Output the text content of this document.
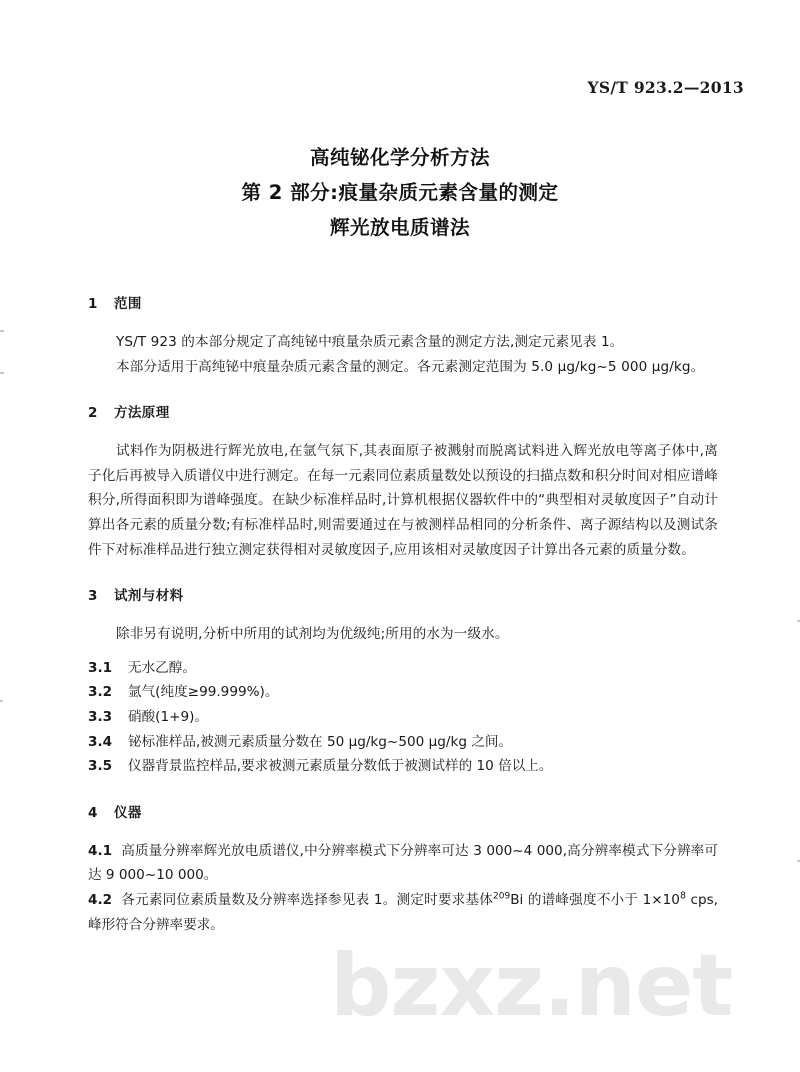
bzxz.net
YS/T 923.2—2013
高纯铋化学分析方法
第 2 部分:痕量杂质元素含量的测定
辉光放电质谱法
1 范围

YS/T 923 的本部分规定了高纯铋中痕量杂质元素含量的测定方法,测定元素见表 1。

本部分适用于高纯铋中痕量杂质元素含量的测定。各元素测定范围为 5.0 μg/kg~5 000 μg/kg。

2 方法原理

试料作为阴极进行辉光放电,在氩气氛下,其表面原子被溅射而脱离试料进入辉光放电等离子体中,离子化后再被导入质谱仪中进行测定。在每一元素同位素质量数处以预设的扫描点数和积分时间对相应谱峰积分,所得面积即为谱峰强度。在缺少标准样品时,计算机根据仪器软件中的“典型相对灵敏度因子”自动计算出各元素的质量分数;有标准样品时,则需要通过在与被测样品相同的分析条件、离子源结构以及测试条件下对标准样品进行独立测定获得相对灵敏度因子,应用该相对灵敏度因子计算出各元素的质量分数。

3 试剂与材料

除非另有说明,分析中所用的试剂均为优级纯;所用的水为一级水。

3.1 无水乙醇。

3.2 氩气(纯度≥99.999%)。

3.3 硝酸(1+9)。

3.4 铋标准样品,被测元素质量分数在 50 μg/kg~500 μg/kg 之间。

3.5 仪器背景监控样品,要求被测元素质量分数低于被测试样的 10 倍以上。

4 仪器

4.1 高质量分辨率辉光放电质谱仪,中分辨率模式下分辨率可达 3 000~4 000,高分辨率模式下分辨率可达 9 000~10 000。

4.2 各元素同位素质量数及分辨率选择参见表 1。测定时要求基体$^{209}$Bi 的谱峰强度不小于 $1\times 10^8$ cps,峰形符合分辨率要求。
